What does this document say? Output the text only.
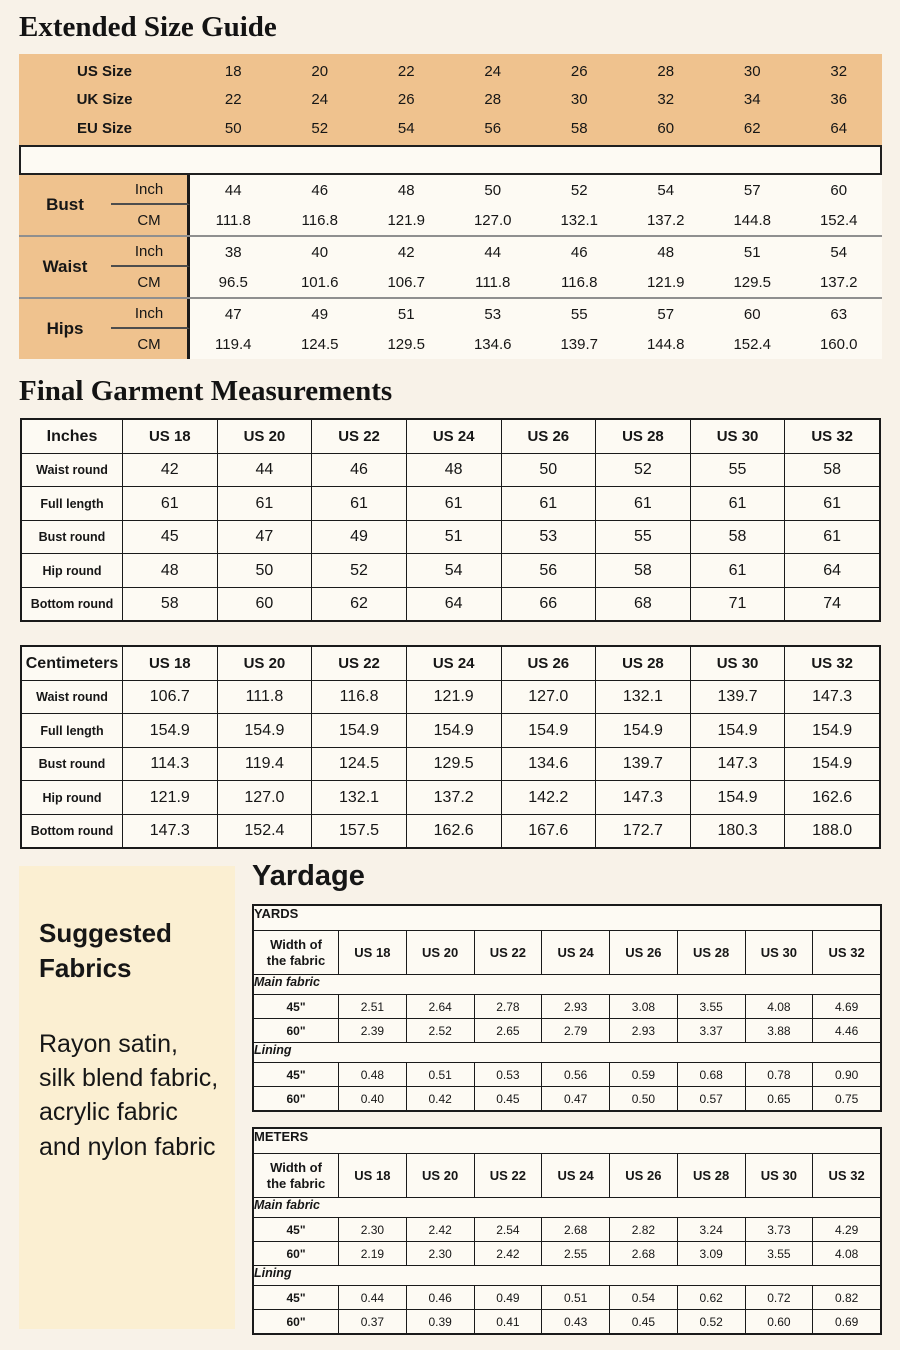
Extended Size Guide
US Size	18	20	22	24	26	28	30	32
UK Size	22	24	26	28	30	32	34	36
EU Size	50	52	54	56	58	60	62	64
Bust
Inch	44	46	48	50	52	54	57	60
CM	111.8	116.8	121.9	127.0	132.1	137.2	144.8	152.4
Waist
Inch	38	40	42	44	46	48	51	54
CM	96.5	101.6	106.7	111.8	116.8	121.9	129.5	137.2
Hips
Inch	47	49	51	53	55	57	60	63
CM	119.4	124.5	129.5	134.6	139.7	144.8	152.4	160.0
Final Garment Measurements
Inches	US 18	US 20	US 22	US 24	US 26	US 28	US 30	US 32
Waist round	42	44	46	48	50	52	55	58
Full length	61	61	61	61	61	61	61	61
Bust round	45	47	49	51	53	55	58	61
Hip round	48	50	52	54	56	58	61	64
Bottom round	58	60	62	64	66	68	71	74
Centimeters	US 18	US 20	US 22	US 24	US 26	US 28	US 30	US 32
Waist round	106.7	111.8	116.8	121.9	127.0	132.1	139.7	147.3
Full length	154.9	154.9	154.9	154.9	154.9	154.9	154.9	154.9
Bust round	114.3	119.4	124.5	129.5	134.6	139.7	147.3	154.9
Hip round	121.9	127.0	132.1	137.2	142.2	147.3	154.9	162.6
Bottom round	147.3	152.4	157.5	162.6	167.6	172.7	180.3	188.0
Suggested Fabrics
Rayon satin, silk blend fabric, acrylic fabric and nylon fabric
Yardage
YARDS
Width of the fabric	US 18	US 20	US 22	US 24	US 26	US 28	US 30	US 32
Main fabric
45"	2.51	2.64	2.78	2.93	3.08	3.55	4.08	4.69
60"	2.39	2.52	2.65	2.79	2.93	3.37	3.88	4.46
Lining
45"	0.48	0.51	0.53	0.56	0.59	0.68	0.78	0.90
60"	0.40	0.42	0.45	0.47	0.50	0.57	0.65	0.75
METERS
Width of the fabric	US 18	US 20	US 22	US 24	US 26	US 28	US 30	US 32
Main fabric
45"	2.30	2.42	2.54	2.68	2.82	3.24	3.73	4.29
60"	2.19	2.30	2.42	2.55	2.68	3.09	3.55	4.08
Lining
45"	0.44	0.46	0.49	0.51	0.54	0.62	0.72	0.82
60"	0.37	0.39	0.41	0.43	0.45	0.52	0.60	0.69
